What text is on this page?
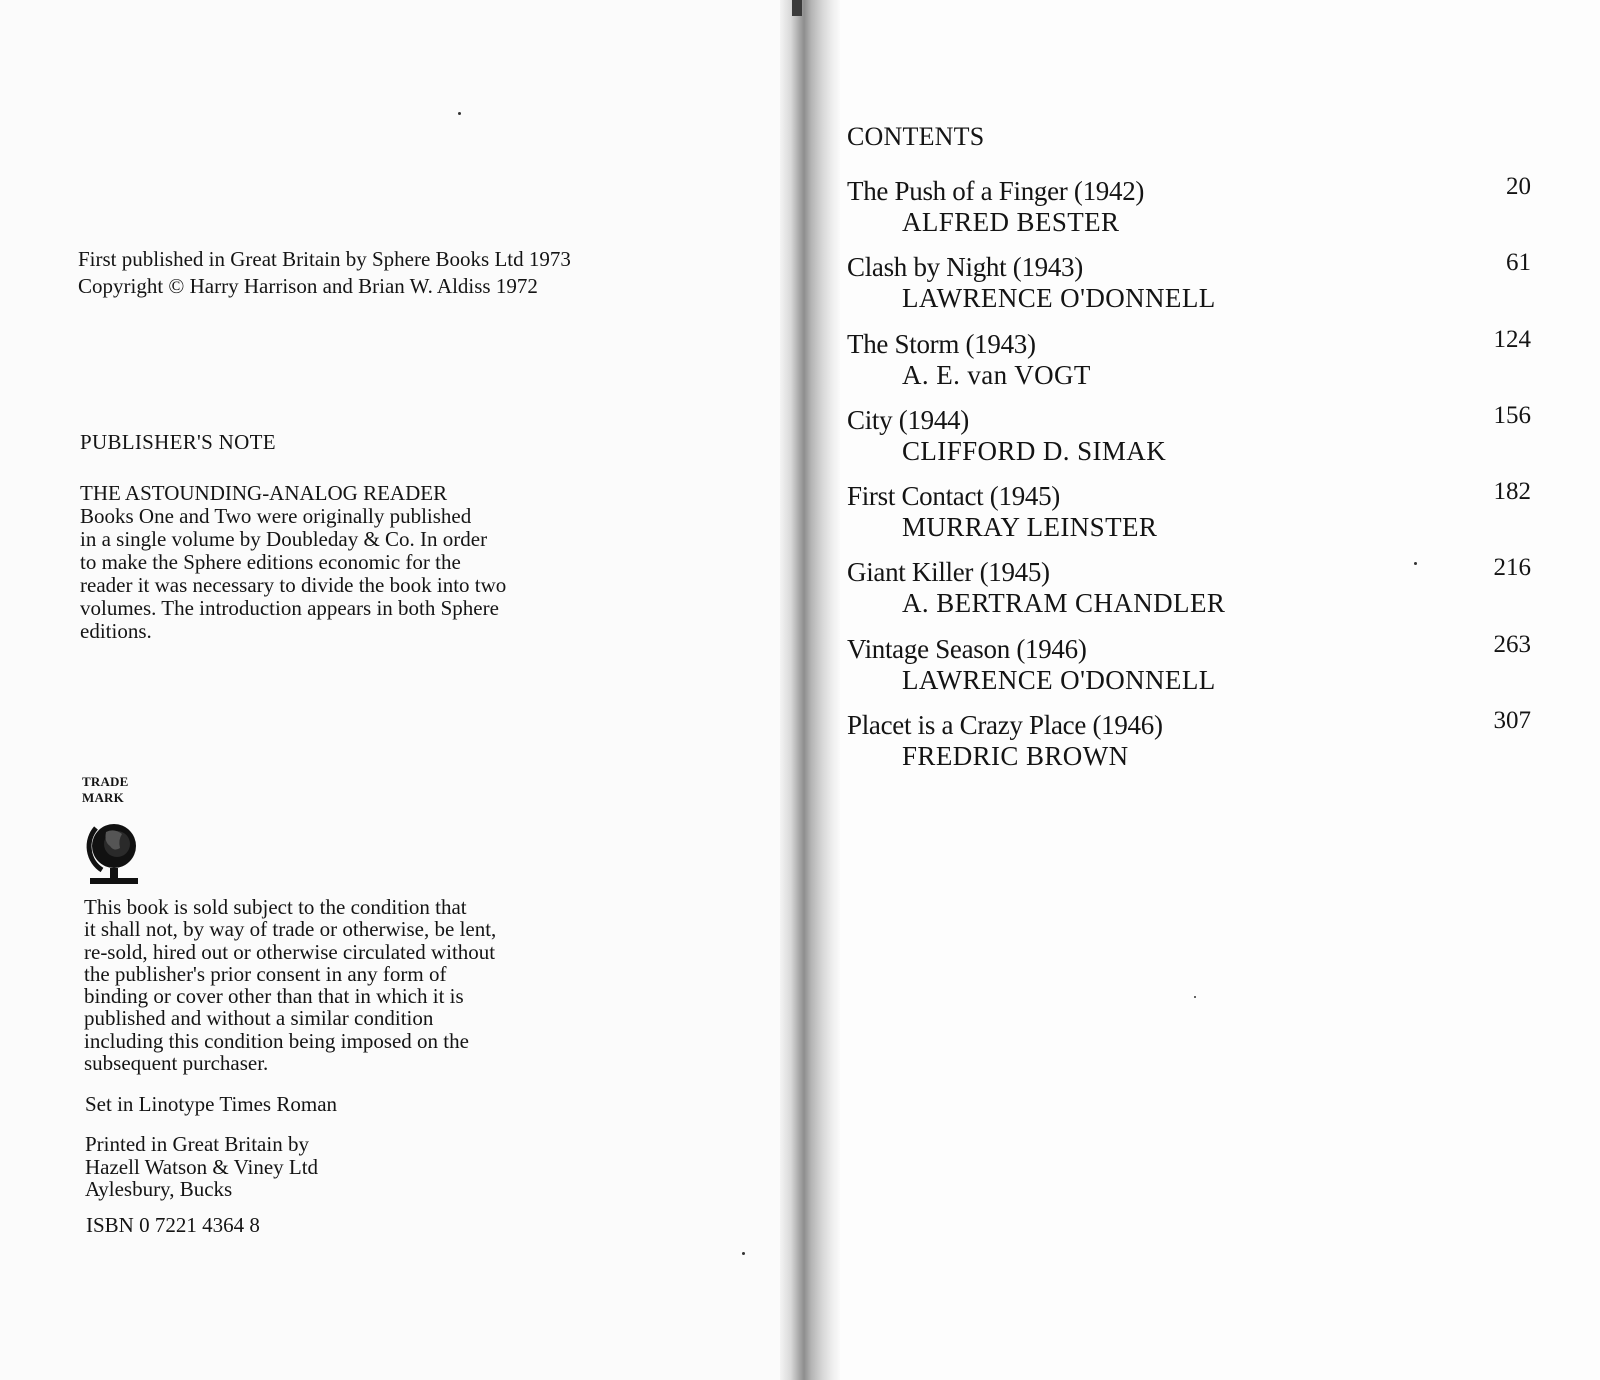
First published in Great Britain by Sphere Books Ltd 1973
Copyright © Harry Harrison and Brian W. Aldiss 1972
PUBLISHER'S NOTE
THE ASTOUNDING-ANALOG READER
Books One and Two were originally published
in a single volume by Doubleday & Co. In order
to make the Sphere editions economic for the
reader it was necessary to divide the book into two
volumes. The introduction appears in both Sphere
editions.
TRADE
MARK
This book is sold subject to the condition that
it shall not, by way of trade or otherwise, be lent,
re-sold, hired out or otherwise circulated without
the publisher's prior consent in any form of
binding or cover other than that in which it is
published and without a similar condition
including this condition being imposed on the
subsequent purchaser.
Set in Linotype Times Roman
Printed in Great Britain by
Hazell Watson & Viney Ltd
Aylesbury, Bucks
ISBN 0 7221 4364 8
CONTENTS
The Push of a Finger (1942)
ALFRED BESTER
20
Clash by Night (1943)
LAWRENCE O'DONNELL
61
The Storm (1943)
A. E. van VOGT
124
City (1944)
CLIFFORD D. SIMAK
156
First Contact (1945)
MURRAY LEINSTER
182
Giant Killer (1945)
A. BERTRAM CHANDLER
216
Vintage Season (1946)
LAWRENCE O'DONNELL
263
Placet is a Crazy Place (1946)
FREDRIC BROWN
307
